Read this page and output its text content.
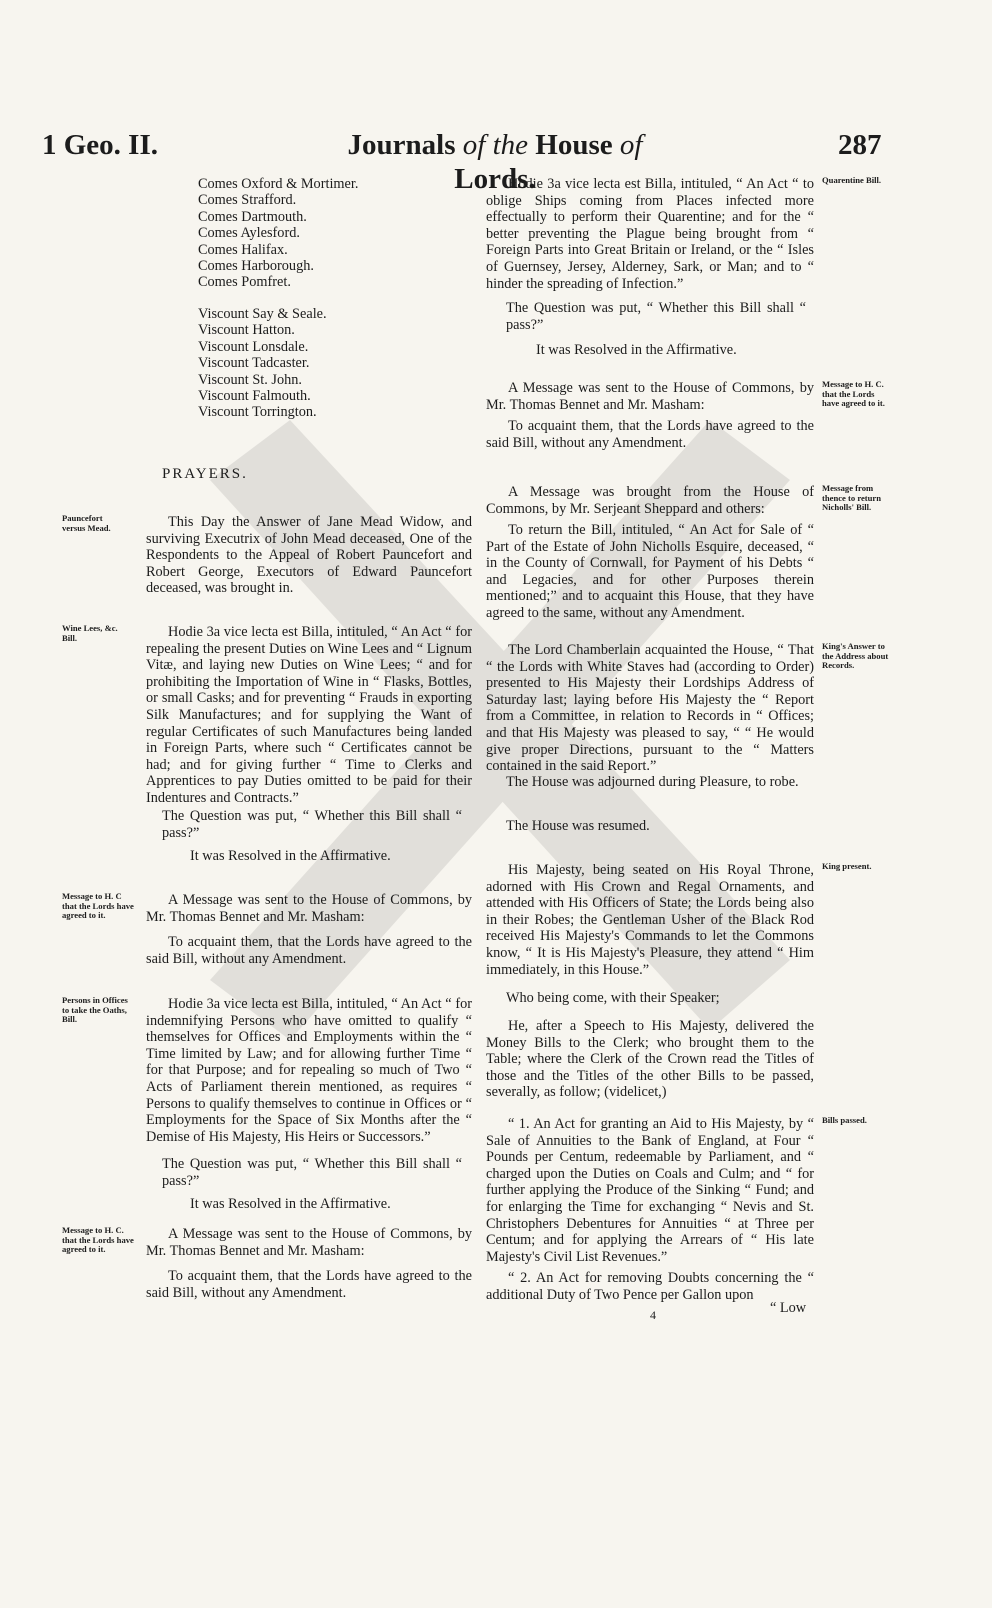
1 Geo. II.	Journals of the House of Lords.
287
Comes Oxford & Mortimer.
Comes Strafford.
Comes Dartmouth.
Comes Aylesford.
Comes Halifax.
Comes Harborough.
Comes Pomfret.
Viscount Say & Seale.
Viscount Hatton.
Viscount Lonsdale.
Viscount Tadcaster.
Viscount St. John.
Viscount Falmouth.
Viscount Torrington.
PRAYERS.
Pauncefort versus Mead.
Wine Lees, &c. Bill.
Message to H. C that the Lords have agreed to it.
Persons in Offices to take the Oaths, Bill.
Message to H. C. that the Lords have agreed to it.
This Day the Answer of Jane Mead Widow, and surviving Executrix of John Mead deceased, One of the Respondents to the Appeal of Robert Pauncefort and Robert George, Executors of Edward Pauncefort deceased, was brought in.
Hodie 3a vice lecta est Billa, intituled, “ An Act “ for repealing the present Duties on Wine Lees and “ Lignum Vitæ, and laying new Duties on Wine Lees; “ and for prohibiting the Importation of Wine in “ Flasks, Bottles, or small Casks; and for preventing “ Frauds in exporting Silk Manufactures; and for supplying the Want of regular Certificates of such Manufactures being landed in Foreign Parts, where such “ Certificates cannot be had; and for giving further “ Time to Clerks and Apprentices to pay Duties omitted to be paid for their Indentures and Contracts.”
The Question was put, “ Whether this Bill shall “ pass?”
It was Resolved in the Affirmative.
A Message was sent to the House of Commons, by Mr. Thomas Bennet and Mr. Masham:
To acquaint them, that the Lords have agreed to the said Bill, without any Amendment.
Hodie 3a vice lecta est Billa, intituled, “ An Act “ for indemnifying Persons who have omitted to qualify “ themselves for Offices and Employments within the “ Time limited by Law; and for allowing further Time “ for that Purpose; and for repealing so much of Two “ Acts of Parliament therein mentioned, as requires “ Persons to qualify themselves to continue in Offices or “ Employments for the Space of Six Months after the “ Demise of His Majesty, His Heirs or Successors.”
The Question was put, “ Whether this Bill shall “ pass?”
It was Resolved in the Affirmative.
A Message was sent to the House of Commons, by Mr. Thomas Bennet and Mr. Masham:
To acquaint them, that the Lords have agreed to the said Bill, without any Amendment.
Hodie 3a vice lecta est Billa, intituled, “ An Act “ to oblige Ships coming from Places infected more effectually to perform their Quarentine; and for the “ better preventing the Plague being brought from “ Foreign Parts into Great Britain or Ireland, or the “ Isles of Guernsey, Jersey, Alderney, Sark, or Man; and to “ hinder the spreading of Infection.”
The Question was put, “ Whether this Bill shall “ pass?”
It was Resolved in the Affirmative.
A Message was sent to the House of Commons, by Mr. Thomas Bennet and Mr. Masham:
To acquaint them, that the Lords have agreed to the said Bill, without any Amendment.
A Message was brought from the House of Commons, by Mr. Serjeant Sheppard and others:
To return the Bill, intituled, “ An Act for Sale of “ Part of the Estate of John Nicholls Esquire, deceased, “ in the County of Cornwall, for Payment of his Debts “ and Legacies, and for other Purposes therein mentioned;” and to acquaint this House, that they have agreed to the same, without any Amendment.
The Lord Chamberlain acquainted the House, “ That “ the Lords with White Staves had (according to Order) presented to His Majesty their Lordships Address of Saturday last; laying before His Majesty the “ Report from a Committee, in relation to Records in “ Offices; and that His Majesty was pleased to say, “ “ He would give proper Directions, pursuant to the “ Matters contained in the said Report.”
The House was adjourned during Pleasure, to robe.
The House was resumed.
His Majesty, being seated on His Royal Throne, adorned with His Crown and Regal Ornaments, and attended with His Officers of State; the Lords being also in their Robes; the Gentleman Usher of the Black Rod received His Majesty's Commands to let the Commons know, “ It is His Majesty's Pleasure, they attend “ Him immediately, in this House.”
Who being come, with their Speaker;
He, after a Speech to His Majesty, delivered the Money Bills to the Clerk; who brought them to the Table; where the Clerk of the Crown read the Titles of those and the Titles of the other Bills to be passed, severally, as follow; (videlicet,)
“ 1. An Act for granting an Aid to His Majesty, by “ Sale of Annuities to the Bank of England, at Four “ Pounds per Centum, redeemable by Parliament, and “ charged upon the Duties on Coals and Culm; and “ for further applying the Produce of the Sinking “ Fund; and for enlarging the Time for exchanging “ Nevis and St. Christophers Debentures for Annuities “ at Three per Centum; and for applying the Arrears of “ His late Majesty's Civil List Revenues.”
“ 2. An Act for removing Doubts concerning the “ additional Duty of Two Pence per Gallon upon
4	“ Low
Quarentine Bill.
Message to H. C. that the Lords have agreed to it.
Message from thence to return Nicholls' Bill.
King's Answer to the Address about Records.
King present.
Bills passed.
